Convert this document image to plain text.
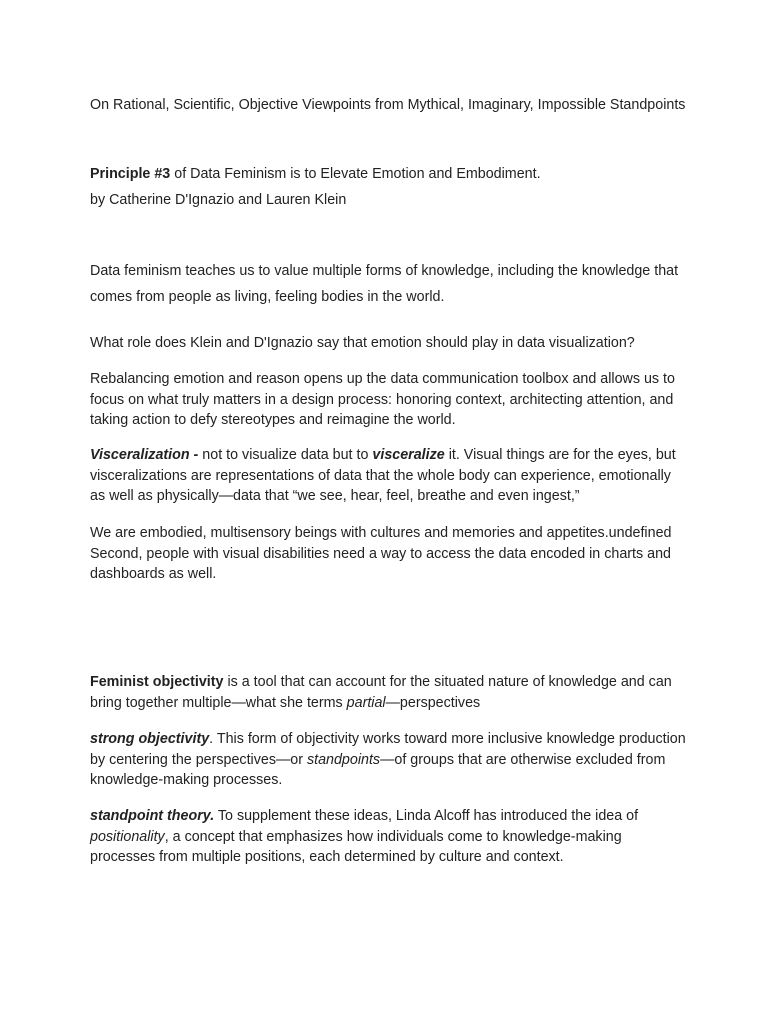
On Rational, Scientific, Objective Viewpoints from Mythical, Imaginary, Impossible Standpoints
Principle #3 of Data Feminism is to Elevate Emotion and Embodiment.
by Catherine D'Ignazio and Lauren Klein
Data feminism teaches us to value multiple forms of knowledge, including the knowledge that comes from people as living, feeling bodies in the world.
What role does Klein and D'Ignazio say that emotion should play in data visualization?
Rebalancing emotion and reason opens up the data communication toolbox and allows us to focus on what truly matters in a design process: honoring context, architecting attention, and taking action to defy stereotypes and reimagine the world.
Visceralization - not to visualize data but to visceralize it. Visual things are for the eyes, but visceralizations are representations of data that the whole body can experience, emotionally as well as physically—data that “we see, hear, feel, breathe and even ingest,”
We are embodied, multisensory beings with cultures and memories and appetites.undefined Second, people with visual disabilities need a way to access the data encoded in charts and dashboards as well.
Feminist objectivity is a tool that can account for the situated nature of knowledge and can bring together multiple—what she terms partial—perspectives
strong objectivity. This form of objectivity works toward more inclusive knowledge production by centering the perspectives—or standpoints—of groups that are otherwise excluded from knowledge-making processes.
standpoint theory. To supplement these ideas, Linda Alcoff has introduced the idea of positionality, a concept that emphasizes how individuals come to knowledge-making processes from multiple positions, each determined by culture and context.
